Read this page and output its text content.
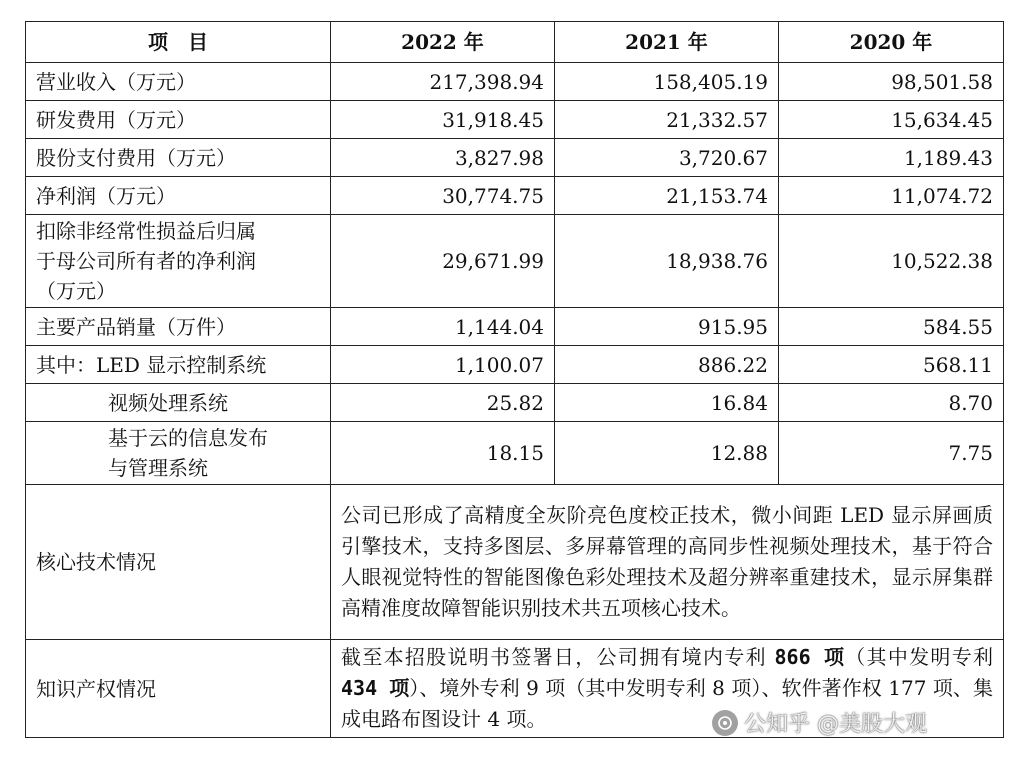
项　目	2022 年	2021 年	2020 年
营业收入（万元）	217,398.94	158,405.19	98,501.58
研发费用（万元）	31,918.45	21,332.57	15,634.45
股份支付费用（万元）	3,827.98	3,720.67	1,189.43
净利润（万元）	30,774.75	21,153.74	11,074.72

扣除非经常性损益后归属
于母公司所有者的净利润
（万元）	29,671.99	18,938.76	10,522.38
主要产品销量（万件）	1,144.04	915.95	584.55
其中：LED 显示控制系统	1,100.07	886.22	568.11
视频处理系统	25.82	16.84	8.70

基于云的信息发布
与管理系统	18.15	12.88	7.75
核心技术情况	公司已形成了高精度全灰阶亮色度校正技术，微小间距 LED 显示屏画质引擎技术，支持多图层、多屏幕管理的高同步性视频处理技术，基于符合人眼视觉特性的智能图像色彩处理技术及超分辨率重建技术，显示屏集群高精准度故障智能识别技术共五项核心技术。		
知识产权情况	截至本招股说明书签署日，公司拥有境内专利 866 项（其中发明专利 434 项）、境外专利 9 项（其中发明专利 8 项）、软件著作权 177 项、集成电路布图设计 4 项。			公知乎 @美股大观
